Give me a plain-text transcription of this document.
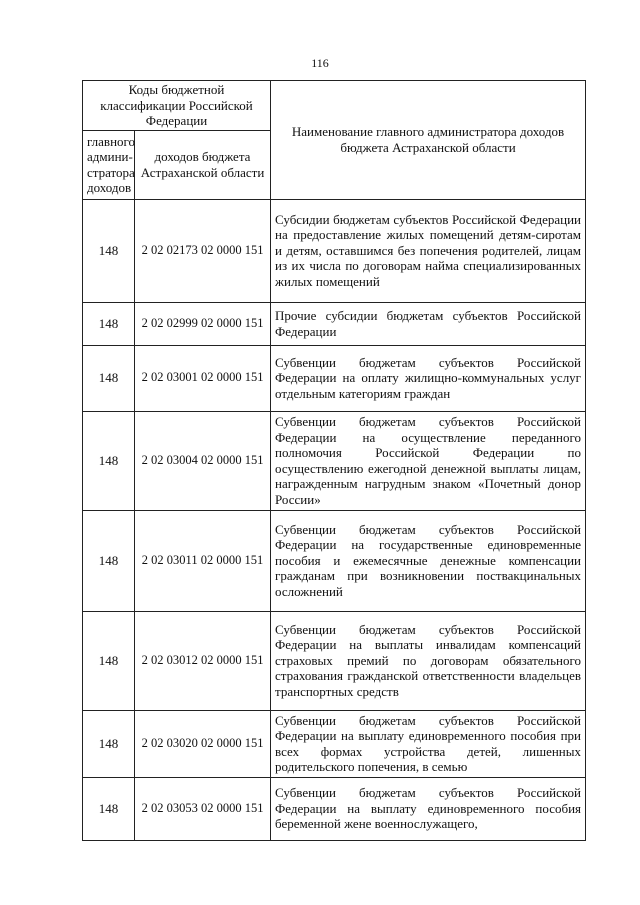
116
Коды бюджетной классификации Российской Федерации		Наименование главного администратора доходов бюджета Астраханской области
главного админи- стратора доходов	доходов бюджета Астраханской области	
148	2 02 02173 02 0000 151	Субсидии бюджетам субъектов Российской Федерации на предоставление жилых помещений детям-сиротам и детям, оставшимся без попечения родителей, лицам из их числа по договорам найма специализированных жилых помещений
148	2 02 02999 02 0000 151	Прочие субсидии бюджетам субъектов Российской Федерации
148	2 02 03001 02 0000 151	Субвенции бюджетам субъектов Российской Федерации на оплату жилищно-коммунальных услуг отдельным категориям граждан
148	2 02 03004 02 0000 151	Субвенции бюджетам субъектов Российской Федерации на осуществление переданного полномочия Российской Федерации по осуществлению ежегодной денежной выплаты лицам, награжденным нагрудным знаком «Почетный донор России»
148	2 02 03011 02 0000 151	Субвенции бюджетам субъектов Российской Федерации на государственные единовременные пособия и ежемесячные денежные компенсации гражданам при возникновении поствакцинальных осложнений
148	2 02 03012 02 0000 151	Субвенции бюджетам субъектов Российской Федерации на выплаты инвалидам компенсаций страховых премий по договорам обязательного страхования гражданской ответственности владельцев транспортных средств
148	2 02 03020 02 0000 151	Субвенции бюджетам субъектов Российской Федерации на выплату единовременного пособия при всех формах устройства детей, лишенных родительского попечения, в семью
148	2 02 03053 02 0000 151	Субвенции бюджетам субъектов Российской Федерации на выплату единовременного пособия беременной жене военнослужащего,
